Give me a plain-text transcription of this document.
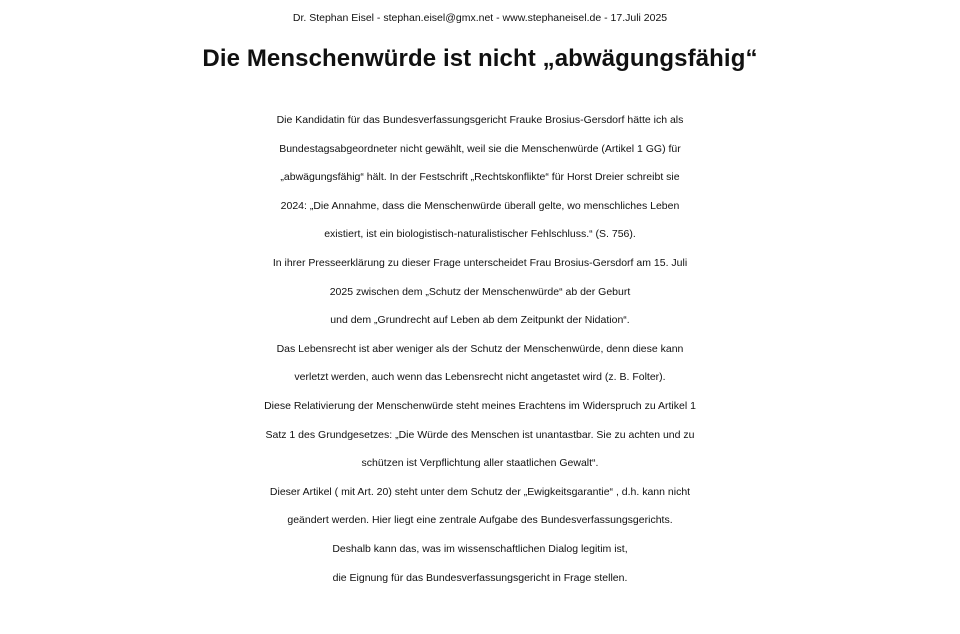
Dr. Stephan Eisel - stephan.eisel@gmx.net - www.stephaneisel.de - 17.Juli 2025
Die Menschenwürde ist nicht „abwägungsfähig“
Die Kandidatin für das Bundesverfassungsgericht Frauke Brosius-Gersdorf hätte ich als
Bundestagsabgeordneter nicht gewählt, weil sie die Menschenwürde (Artikel 1 GG) für
„abwägungsfähig“ hält. In der Festschrift „Rechtskonflikte“ für Horst Dreier schreibt sie
2024: „Die Annahme, dass die Menschenwürde überall gelte, wo menschliches Leben
existiert, ist ein biologistisch-naturalistischer Fehlschluss.“ (S. 756).
In ihrer Presseerklärung zu dieser Frage unterscheidet Frau Brosius-Gersdorf am 15. Juli
2025 zwischen dem „Schutz der Menschenwürde“ ab der Geburt
und dem „Grundrecht auf Leben ab dem Zeitpunkt der Nidation“.
Das Lebensrecht ist aber weniger als der Schutz der Menschenwürde, denn diese kann
verletzt werden, auch wenn das Lebensrecht nicht angetastet wird (z. B. Folter).
Diese Relativierung der Menschenwürde steht meines Erachtens im Widerspruch zu Artikel 1
Satz 1 des Grundgesetzes: „Die Würde des Menschen ist unantastbar. Sie zu achten und zu
schützen ist Verpflichtung aller staatlichen Gewalt“.
Dieser Artikel ( mit Art. 20) steht unter dem Schutz der „Ewigkeitsgarantie“ , d.h. kann nicht
geändert werden. Hier liegt eine zentrale Aufgabe des Bundesverfassungsgerichts.
Deshalb kann das, was im wissenschaftlichen Dialog legitim ist,
die Eignung für das Bundesverfassungsgericht in Frage stellen.
